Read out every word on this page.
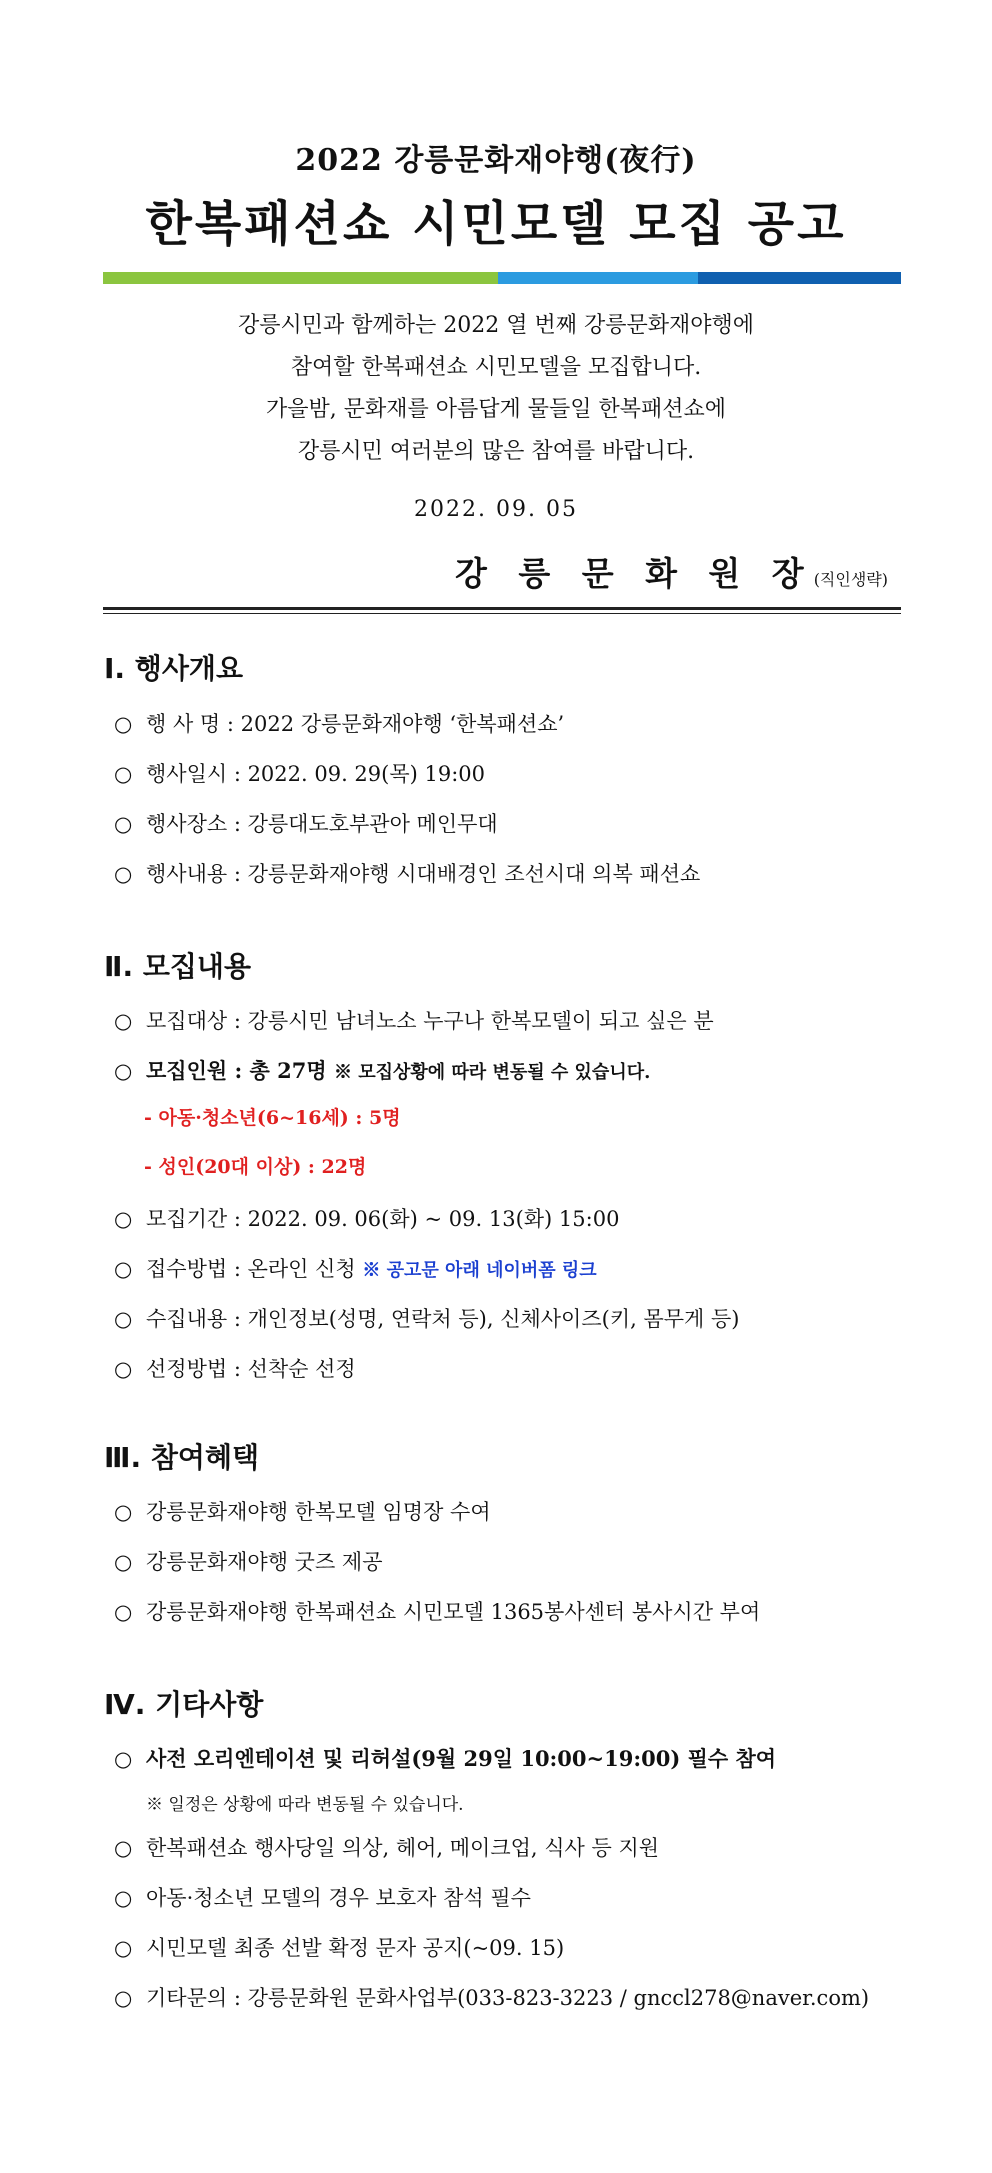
2022 강릉문화재야행(夜行)
한복패션쇼 시민모델 모집 공고
강릉시민과 함께하는 2022 열 번째 강릉문화재야행에
참여할 한복패션쇼 시민모델을 모집합니다.
가을밤, 문화재를 아름답게 물들일 한복패션쇼에
강릉시민 여러분의 많은 참여를 바랍니다.
2022. 09. 05
강 릉 문 화 원 장(직인생략)
Ⅰ. 행사개요
○ 행 사 명 : 2022 강릉문화재야행 ‘한복패션쇼’
○ 행사일시 : 2022. 09. 29(목) 19:00
○ 행사장소 : 강릉대도호부관아 메인무대
○ 행사내용 : 강릉문화재야행 시대배경인 조선시대 의복 패션쇼
Ⅱ. 모집내용
○ 모집대상 : 강릉시민 남녀노소 누구나 한복모델이 되고 싶은 분
○ 모집인원 : 총 27명 ※ 모집상황에 따라 변동될 수 있습니다.
- 아동·청소년(6~16세) : 5명
- 성인(20대 이상) : 22명
○ 모집기간 : 2022. 09. 06(화) ~ 09. 13(화) 15:00
○ 접수방법 : 온라인 신청 ※ 공고문 아래 네이버폼 링크
○ 수집내용 : 개인정보(성명, 연락처 등), 신체사이즈(키, 몸무게 등)
○ 선정방법 : 선착순 선정
Ⅲ. 참여혜택
○ 강릉문화재야행 한복모델 임명장 수여
○ 강릉문화재야행 굿즈 제공
○ 강릉문화재야행 한복패션쇼 시민모델 1365봉사센터 봉사시간 부여
Ⅳ. 기타사항
○ 사전 오리엔테이션 및 리허설(9월 29일 10:00~19:00) 필수 참여
※ 일정은 상황에 따라 변동될 수 있습니다.
○ 한복패션쇼 행사당일 의상, 헤어, 메이크업, 식사 등 지원
○ 아동·청소년 모델의 경우 보호자 참석 필수
○ 시민모델 최종 선발 확정 문자 공지(~09. 15)
○ 기타문의 : 강릉문화원 문화사업부(033-823-3223 / gnccl278@naver.com)
